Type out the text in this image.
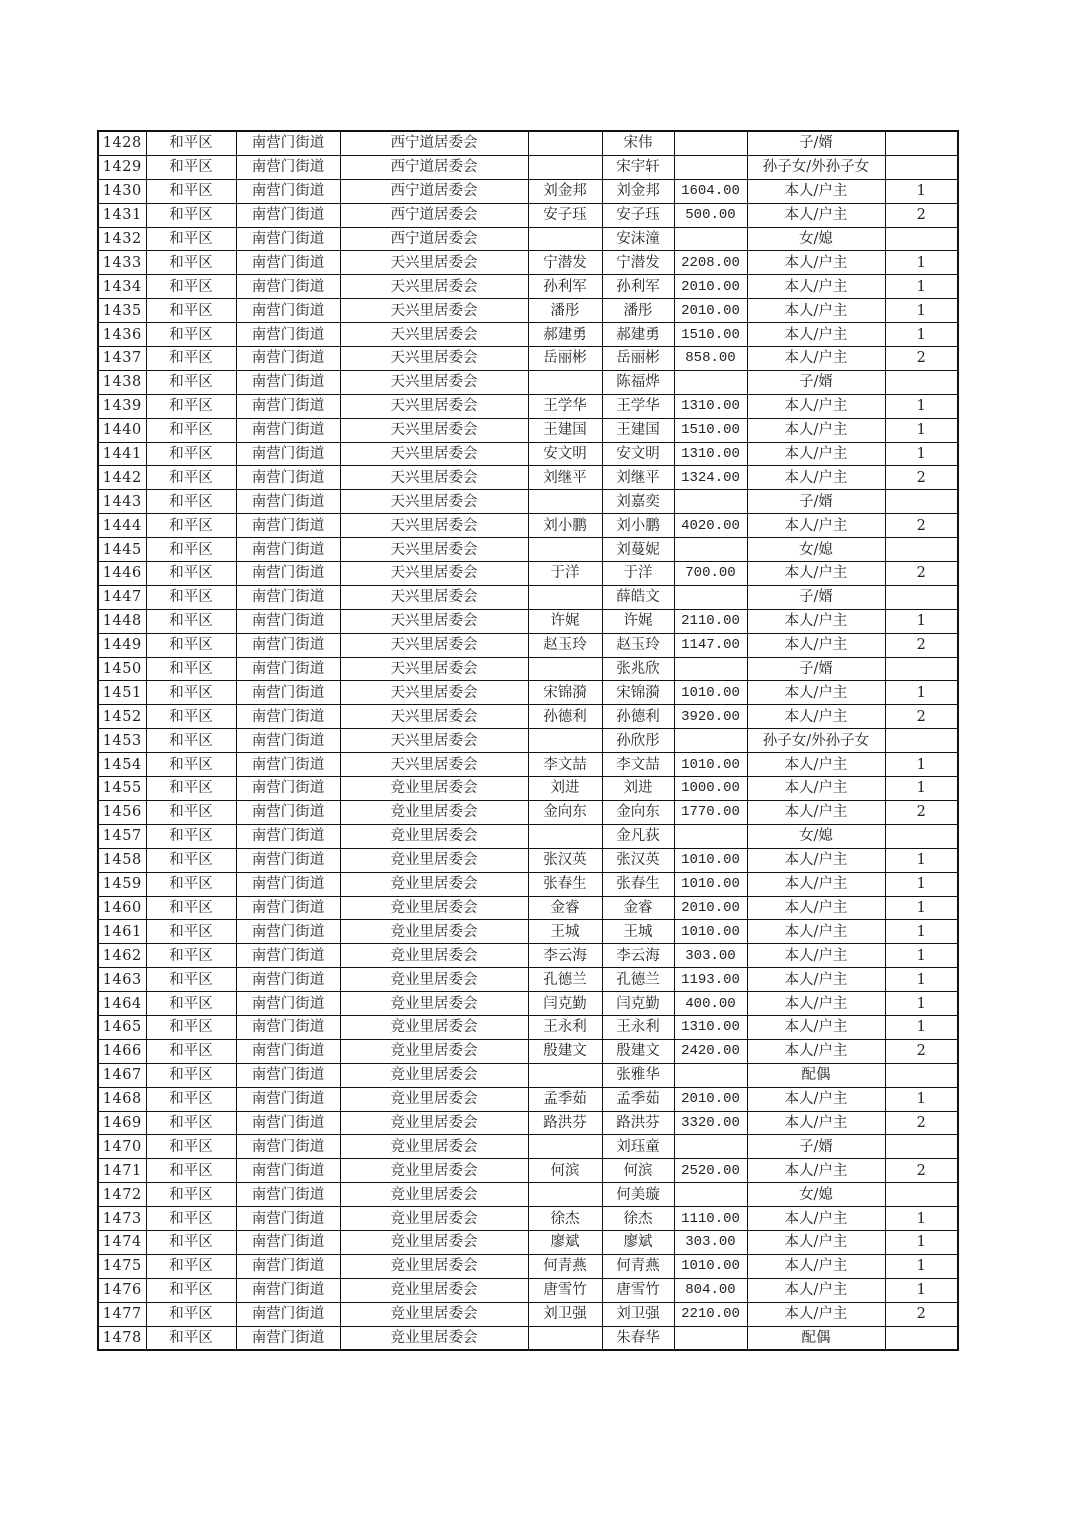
1428	和平区	南营门街道	西宁道居委会		宋伟		子/婿	
1429	和平区	南营门街道	西宁道居委会		宋宇轩		孙子女/外孙子女	
1430	和平区	南营门街道	西宁道居委会	刘金邦	刘金邦	1604.00	本人/户主	1
1431	和平区	南营门街道	西宁道居委会	安子珏	安子珏	500.00	本人/户主	2
1432	和平区	南营门街道	西宁道居委会		安沫潼		女/媳	
1433	和平区	南营门街道	天兴里居委会	宁潜发	宁潜发	2208.00	本人/户主	1
1434	和平区	南营门街道	天兴里居委会	孙利军	孙利军	2010.00	本人/户主	1
1435	和平区	南营门街道	天兴里居委会	潘彤	潘彤	2010.00	本人/户主	1
1436	和平区	南营门街道	天兴里居委会	郝建勇	郝建勇	1510.00	本人/户主	1
1437	和平区	南营门街道	天兴里居委会	岳丽彬	岳丽彬	858.00	本人/户主	2
1438	和平区	南营门街道	天兴里居委会		陈福烨		子/婿	
1439	和平区	南营门街道	天兴里居委会	王学华	王学华	1310.00	本人/户主	1
1440	和平区	南营门街道	天兴里居委会	王建国	王建国	1510.00	本人/户主	1
1441	和平区	南营门街道	天兴里居委会	安文明	安文明	1310.00	本人/户主	1
1442	和平区	南营门街道	天兴里居委会	刘继平	刘继平	1324.00	本人/户主	2
1443	和平区	南营门街道	天兴里居委会		刘嘉奕		子/婿	
1444	和平区	南营门街道	天兴里居委会	刘小鹏	刘小鹏	4020.00	本人/户主	2
1445	和平区	南营门街道	天兴里居委会		刘蔓妮		女/媳	
1446	和平区	南营门街道	天兴里居委会	于洋	于洋	700.00	本人/户主	2
1447	和平区	南营门街道	天兴里居委会		薛皓文		子/婿	
1448	和平区	南营门街道	天兴里居委会	许娓	许娓	2110.00	本人/户主	1
1449	和平区	南营门街道	天兴里居委会	赵玉玲	赵玉玲	1147.00	本人/户主	2
1450	和平区	南营门街道	天兴里居委会		张兆欣		子/婿	
1451	和平区	南营门街道	天兴里居委会	宋锦漪	宋锦漪	1010.00	本人/户主	1
1452	和平区	南营门街道	天兴里居委会	孙德利	孙德利	3920.00	本人/户主	2
1453	和平区	南营门街道	天兴里居委会		孙欣彤		孙子女/外孙子女	
1454	和平区	南营门街道	天兴里居委会	李文喆	李文喆	1010.00	本人/户主	1
1455	和平区	南营门街道	竞业里居委会	刘进	刘进	1000.00	本人/户主	1
1456	和平区	南营门街道	竞业里居委会	金向东	金向东	1770.00	本人/户主	2
1457	和平区	南营门街道	竞业里居委会		金凡荻		女/媳	
1458	和平区	南营门街道	竞业里居委会	张汉英	张汉英	1010.00	本人/户主	1
1459	和平区	南营门街道	竞业里居委会	张春生	张春生	1010.00	本人/户主	1
1460	和平区	南营门街道	竞业里居委会	金睿	金睿	2010.00	本人/户主	1
1461	和平区	南营门街道	竞业里居委会	王城	王城	1010.00	本人/户主	1
1462	和平区	南营门街道	竞业里居委会	李云海	李云海	303.00	本人/户主	1
1463	和平区	南营门街道	竞业里居委会	孔德兰	孔德兰	1193.00	本人/户主	1
1464	和平区	南营门街道	竞业里居委会	闫克勤	闫克勤	400.00	本人/户主	1
1465	和平区	南营门街道	竞业里居委会	王永利	王永利	1310.00	本人/户主	1
1466	和平区	南营门街道	竞业里居委会	殷建文	殷建文	2420.00	本人/户主	2
1467	和平区	南营门街道	竞业里居委会		张雅华		配偶	
1468	和平区	南营门街道	竞业里居委会	孟季茹	孟季茹	2010.00	本人/户主	1
1469	和平区	南营门街道	竞业里居委会	路洪芬	路洪芬	3320.00	本人/户主	2
1470	和平区	南营门街道	竞业里居委会		刘珏童		子/婿	
1471	和平区	南营门街道	竞业里居委会	何滨	何滨	2520.00	本人/户主	2
1472	和平区	南营门街道	竞业里居委会		何美璇		女/媳	
1473	和平区	南营门街道	竞业里居委会	徐杰	徐杰	1110.00	本人/户主	1
1474	和平区	南营门街道	竞业里居委会	廖斌	廖斌	303.00	本人/户主	1
1475	和平区	南营门街道	竞业里居委会	何青燕	何青燕	1010.00	本人/户主	1
1476	和平区	南营门街道	竞业里居委会	唐雪竹	唐雪竹	804.00	本人/户主	1
1477	和平区	南营门街道	竞业里居委会	刘卫强	刘卫强	2210.00	本人/户主	2
1478	和平区	南营门街道	竞业里居委会		朱春华		配偶	
